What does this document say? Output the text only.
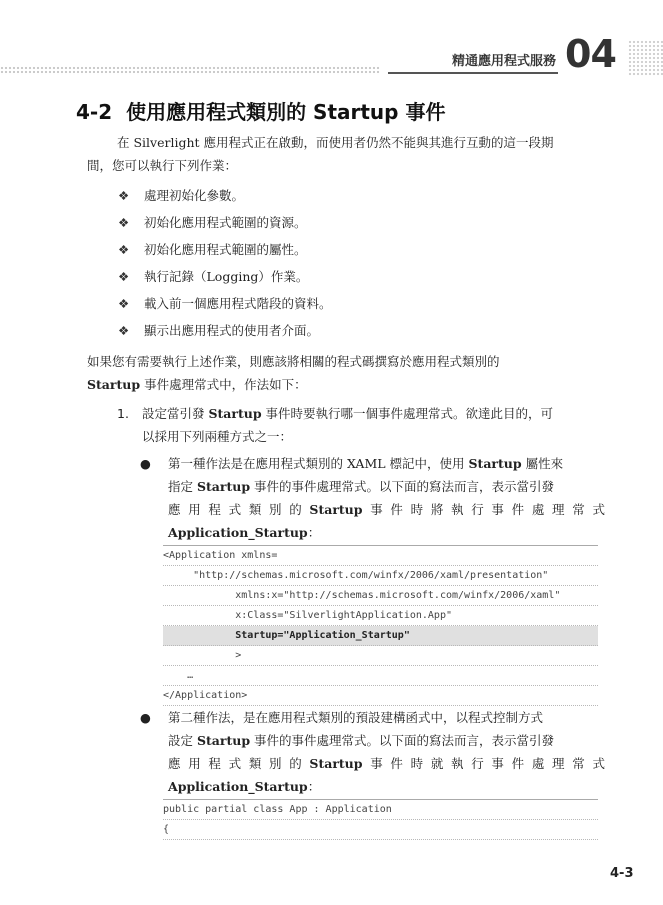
精通應用程式服務 04
4-2 使用應用程式類別的 Startup 事件
在 Silverlight 應用程式正在啟動，而使用者仍然不能與其進行互動的這一段期
間，您可以執行下列作業：
❖ 處理初始化參數。
❖ 初始化應用程式範圍的資源。
❖ 初始化應用程式範圍的屬性。
❖ 執行記錄（Logging）作業。
❖ 載入前一個應用程式階段的資料。
❖ 顯示出應用程式的使用者介面。
如果您有需要執行上述作業，則應該將相關的程式碼撰寫於應用程式類別的
Startup 事件處理常式中，作法如下：
1. 設定當引發 Startup 事件時要執行哪一個事件處理常式。欲達此目的，可
以採用下列兩種方式之一：
● 第一種作法是在應用程式類別的 XAML 標記中，使用 Startup 屬性來
指定 Startup 事件的事件處理常式。以下面的寫法而言，表示當引發
應 用 程 式 類 別 的 Startup 事 件 時 將 執 行 事 件 處 理 常 式
Application_Startup：
<Application xmlns=
"http://schemas.microsoft.com/winfx/2006/xaml/presentation"
xmlns:x="http://schemas.microsoft.com/winfx/2006/xaml"
x:Class="SilverlightApplication.App"
Startup="Application_Startup"
>
…
</Application>
● 第二種作法，是在應用程式類別的預設建構函式中，以程式控制方式
設定 Startup 事件的事件處理常式。以下面的寫法而言，表示當引發
應 用 程 式 類 別 的 Startup 事 件 時 就 執 行 事 件 處 理 常 式
Application_Startup：
public partial class App : Application
{
4-3
